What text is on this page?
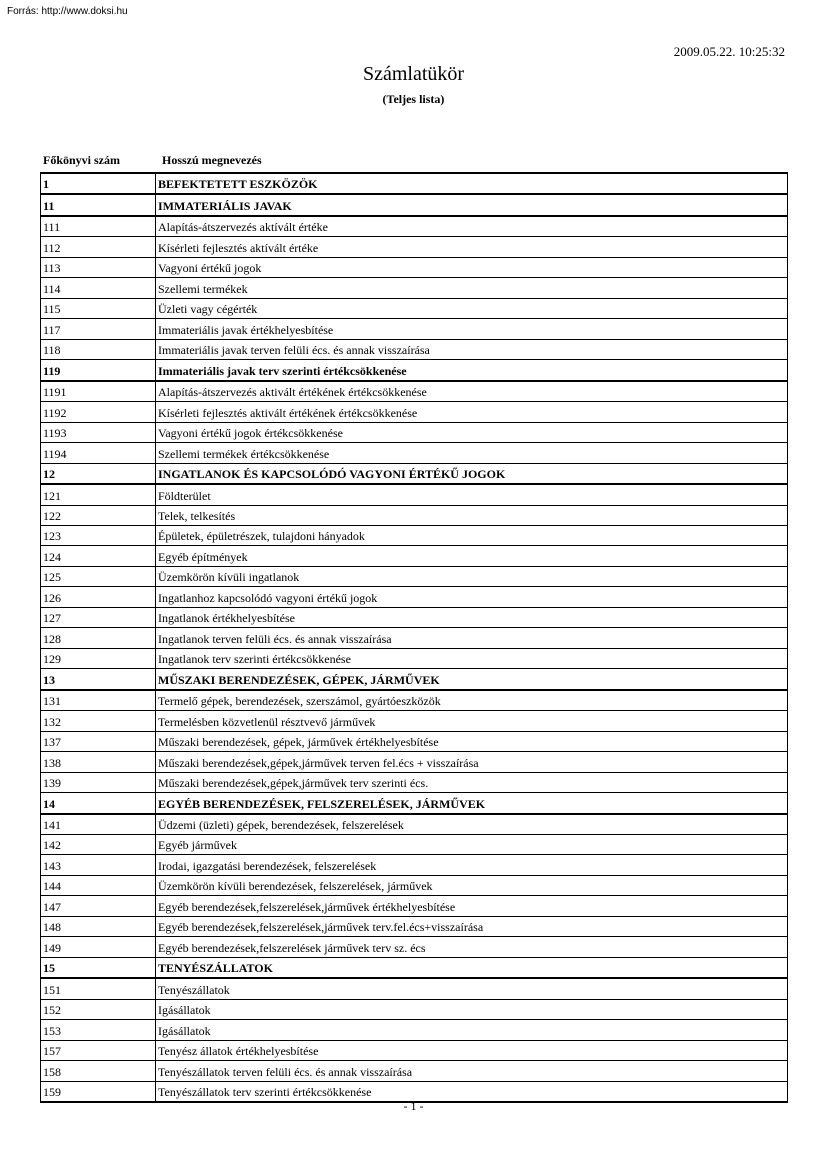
Forrás: http://www.doksi.hu
2009.05.22. 10:25:32
Számlatükör
(Teljes lista)
Főkönyvi szám	Hosszú megnevezés
1	BEFEKTETETT ESZKÖZÖK
11	IMMATERIÁLIS JAVAK
111	Alapítás-átszervezés aktívált értéke
112	Kísérleti fejlesztés aktívált értéke
113	Vagyoni értékű jogok
114	Szellemi termékek
115	Üzleti vagy cégérték
117	Immateriális javak értékhelyesbítése
118	Immateriális javak terven felüli écs. és annak visszaírása
119	Immateriális javak terv szerinti értékcsökkenése
1191	Alapítás-átszervezés aktivált értékének értékcsökkenése
1192	Kísérleti fejlesztés aktivált értékének értékcsökkenése
1193	Vagyoni értékű jogok értékcsökkenése
1194	Szellemi termékek értékcsökkenése
12	INGATLANOK ÉS KAPCSOLÓDÓ VAGYONI ÉRTÉKŰ JOGOK
121	Földterület
122	Telek, telkesítés
123	Épületek, épületrészek, tulajdoni hányadok
124	Egyéb építmények
125	Üzemkörön kívüli ingatlanok
126	Ingatlanhoz kapcsolódó vagyoni értékű jogok
127	Ingatlanok értékhelyesbítése
128	Ingatlanok terven felüli écs. és annak visszaírása
129	Ingatlanok terv szerinti értékcsökkenése
13	MŰSZAKI BERENDEZÉSEK, GÉPEK, JÁRMŰVEK
131	Termelő gépek, berendezések, szerszámol, gyártóeszközök
132	Termelésben közvetlenül résztvevő járművek
137	Műszaki berendezések, gépek, járművek értékhelyesbítése
138	Műszaki berendezések,gépek,járművek terven fel.écs + visszaírása
139	Műszaki berendezések,gépek,járművek terv szerinti écs.
14	EGYÉB BERENDEZÉSEK, FELSZERELÉSEK, JÁRMŰVEK
141	Üdzemi (üzleti) gépek, berendezések, felszerelések
142	Egyéb járművek
143	Irodai, igazgatási berendezések, felszerelések
144	Üzemkörön kívüli berendezések, felszerelések, járművek
147	Egyéb berendezések,felszerelések,járművek értékhelyesbítése
148	Egyéb berendezések,felszerelések,járművek terv.fel.écs+visszaírása
149	Egyéb berendezések,felszerelések járművek terv sz. écs
15	TENYÉSZÁLLATOK
151	Tenyészállatok
152	Igásállatok
153	Igásállatok
157	Tenyész állatok értékhelyesbítése
158	Tenyészállatok terven felüli écs. és annak visszaírása
159	Tenyészállatok terv szerinti értékcsökkenése
- 1 -
